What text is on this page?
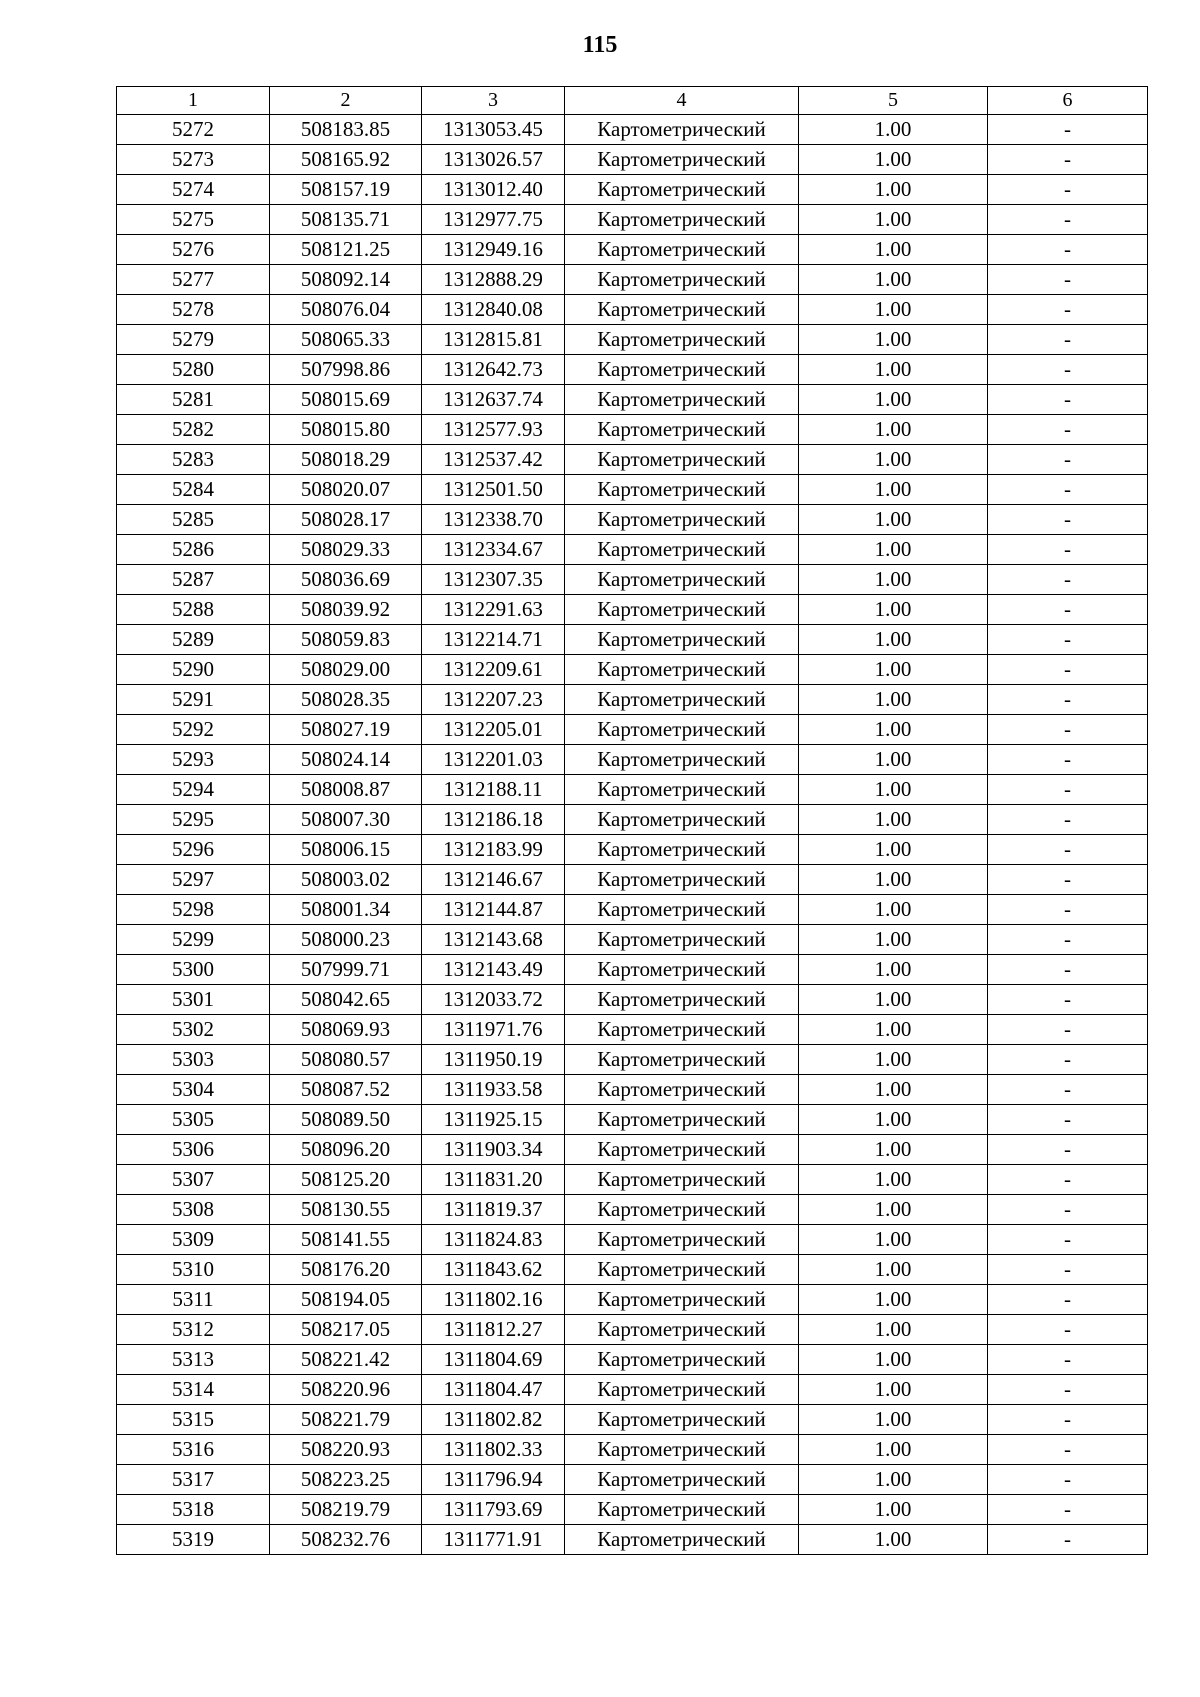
115
1	2	3	4	5	6
5272	508183.85	1313053.45	Картометрический	1.00	-
5273	508165.92	1313026.57	Картометрический	1.00	-
5274	508157.19	1313012.40	Картометрический	1.00	-
5275	508135.71	1312977.75	Картометрический	1.00	-
5276	508121.25	1312949.16	Картометрический	1.00	-
5277	508092.14	1312888.29	Картометрический	1.00	-
5278	508076.04	1312840.08	Картометрический	1.00	-
5279	508065.33	1312815.81	Картометрический	1.00	-
5280	507998.86	1312642.73	Картометрический	1.00	-
5281	508015.69	1312637.74	Картометрический	1.00	-
5282	508015.80	1312577.93	Картометрический	1.00	-
5283	508018.29	1312537.42	Картометрический	1.00	-
5284	508020.07	1312501.50	Картометрический	1.00	-
5285	508028.17	1312338.70	Картометрический	1.00	-
5286	508029.33	1312334.67	Картометрический	1.00	-
5287	508036.69	1312307.35	Картометрический	1.00	-
5288	508039.92	1312291.63	Картометрический	1.00	-
5289	508059.83	1312214.71	Картометрический	1.00	-
5290	508029.00	1312209.61	Картометрический	1.00	-
5291	508028.35	1312207.23	Картометрический	1.00	-
5292	508027.19	1312205.01	Картометрический	1.00	-
5293	508024.14	1312201.03	Картометрический	1.00	-
5294	508008.87	1312188.11	Картометрический	1.00	-
5295	508007.30	1312186.18	Картометрический	1.00	-
5296	508006.15	1312183.99	Картометрический	1.00	-
5297	508003.02	1312146.67	Картометрический	1.00	-
5298	508001.34	1312144.87	Картометрический	1.00	-
5299	508000.23	1312143.68	Картометрический	1.00	-
5300	507999.71	1312143.49	Картометрический	1.00	-
5301	508042.65	1312033.72	Картометрический	1.00	-
5302	508069.93	1311971.76	Картометрический	1.00	-
5303	508080.57	1311950.19	Картометрический	1.00	-
5304	508087.52	1311933.58	Картометрический	1.00	-
5305	508089.50	1311925.15	Картометрический	1.00	-
5306	508096.20	1311903.34	Картометрический	1.00	-
5307	508125.20	1311831.20	Картометрический	1.00	-
5308	508130.55	1311819.37	Картометрический	1.00	-
5309	508141.55	1311824.83	Картометрический	1.00	-
5310	508176.20	1311843.62	Картометрический	1.00	-
5311	508194.05	1311802.16	Картометрический	1.00	-
5312	508217.05	1311812.27	Картометрический	1.00	-
5313	508221.42	1311804.69	Картометрический	1.00	-
5314	508220.96	1311804.47	Картометрический	1.00	-
5315	508221.79	1311802.82	Картометрический	1.00	-
5316	508220.93	1311802.33	Картометрический	1.00	-
5317	508223.25	1311796.94	Картометрический	1.00	-
5318	508219.79	1311793.69	Картометрический	1.00	-
5319	508232.76	1311771.91	Картометрический	1.00	-
